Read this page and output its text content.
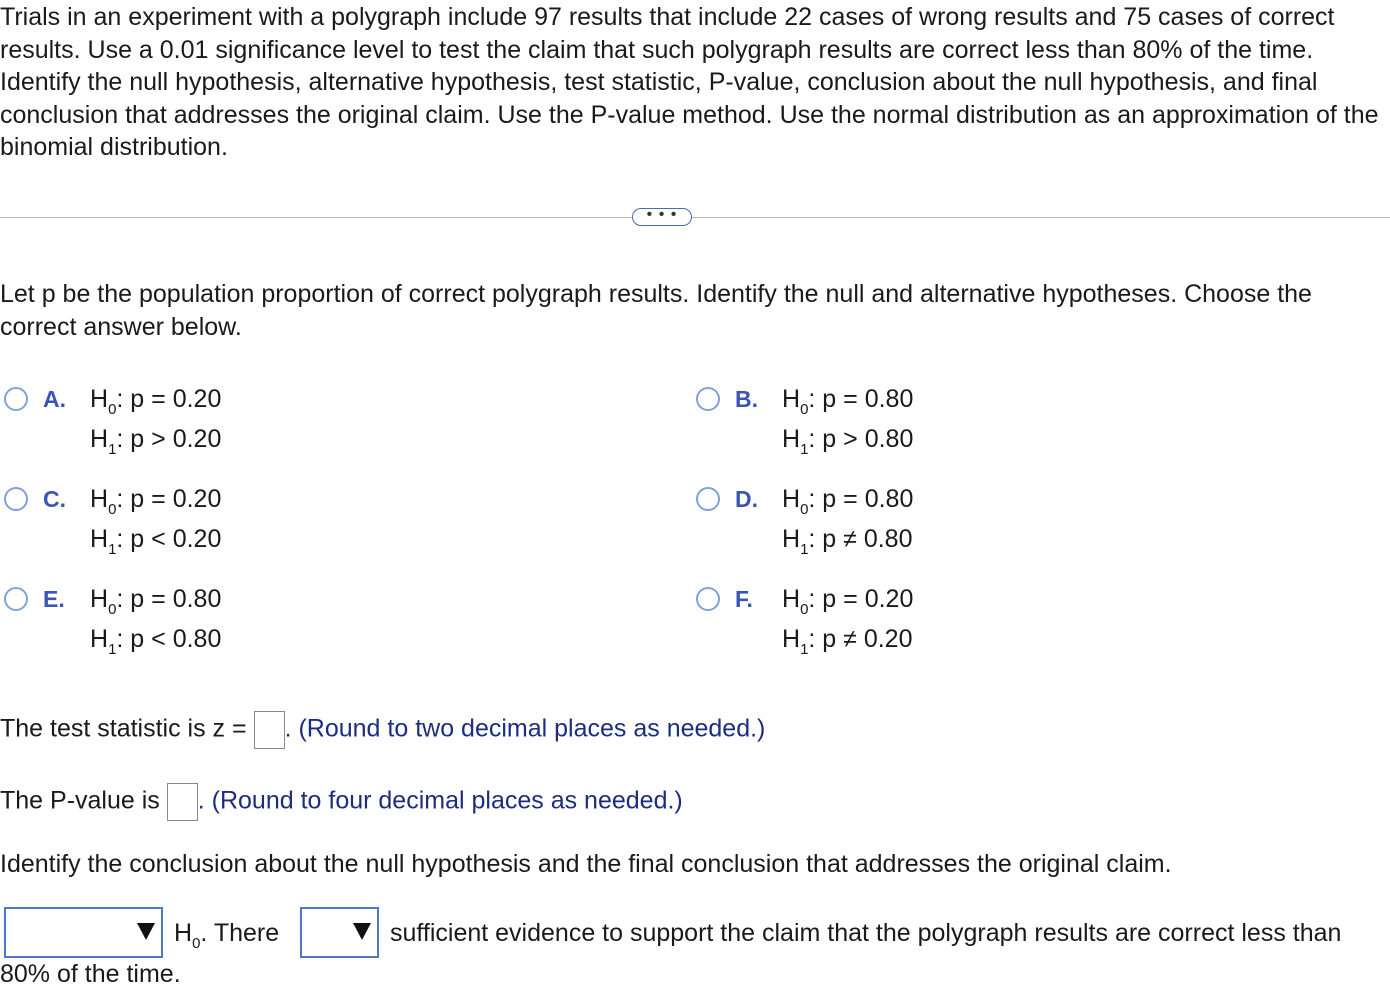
Trials in an experiment with a polygraph include 97 results that include 22 cases of wrong results and 75 cases of correct results. Use a 0.01 significance level to test the claim that such polygraph results are correct less than 80% of the time. Identify the null hypothesis, alternative hypothesis, test statistic, P-value, conclusion about the null hypothesis, and final conclusion that addresses the original claim. Use the P-value method. Use the normal distribution as an approximation of the binomial distribution.
• • •
Let p be the population proportion of correct polygraph results. Identify the null and alternative hypotheses. Choose the correct answer below.
A. $H_0$: p = 0.20
$H_1$: p > 0.20
B. $H_0$: p = 0.80
$H_1$: p > 0.80
C. $H_0$: p = 0.20
$H_1$: p < 0.20
D. $H_0$: p = 0.80
$H_1$: p ≠ 0.80
E. $H_0$: p = 0.80
$H_1$: p < 0.80
F. $H_0$: p = 0.20
$H_1$: p ≠ 0.20
The test statistic is z = . (Round to two decimal places as needed.)
The P-value is . (Round to four decimal places as needed.)
Identify the conclusion about the null hypothesis and the final conclusion that addresses the original claim.
$H_0$. There	sufficient evidence to support the claim that the polygraph results are correct less than
80% of the time.
